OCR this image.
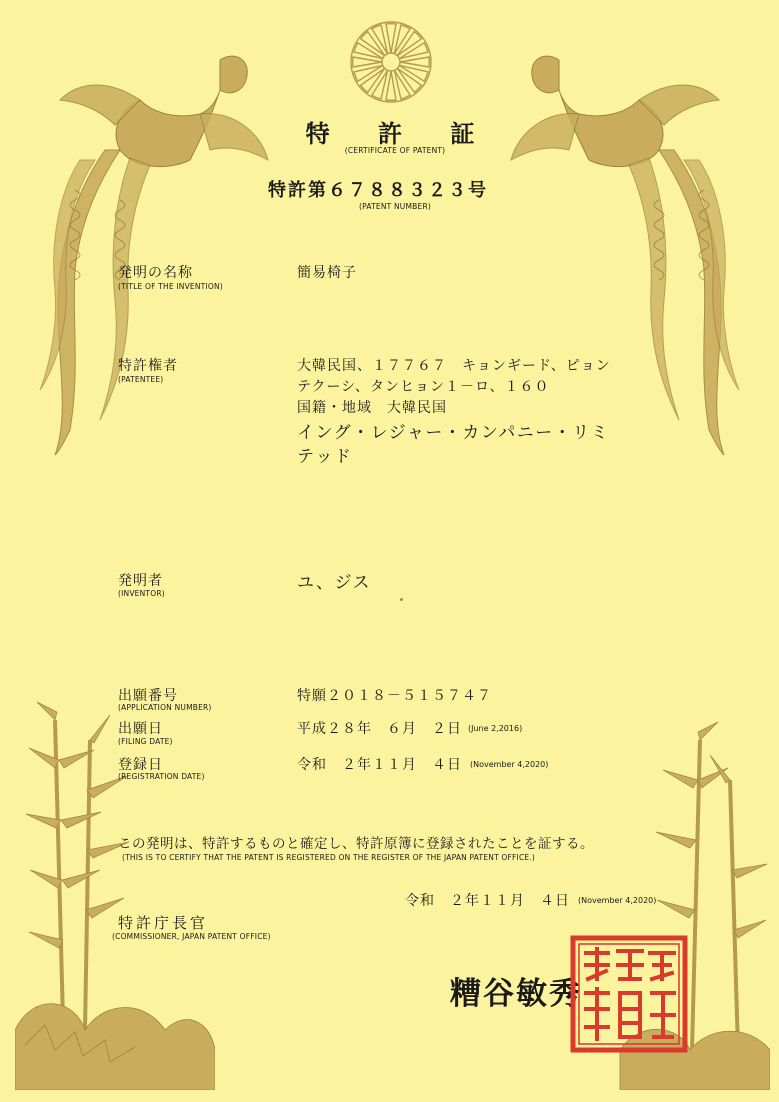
特 許 証
(CERTIFICATE OF PATENT)
特許第６７８８３２３号
(PATENT NUMBER)
発明の名称
(TITLE OF THE INVENTION)
簡易椅子
特許権者
(PATENTEE)
大韓民国、１７７６７　キョンギード、ピョン
テクーシ、タンヒョン１－ロ、１６０
国籍・地域　大韓民国
イング・レジャー・カンパニー・リミ
テッド
発明者
(INVENTOR)
ユ、ジス
出願番号
(APPLICATION NUMBER)
特願２０１８－５１５７４７
出願日
(FILING DATE)
平成２８年　６月　２日 (June 2,2016)
登録日
(REGISTRATION DATE)
令和　２年１１月　４日 (November 4,2020)
この発明は、特許するものと確定し、特許原簿に登録されたことを証する。
(THIS IS TO CERTIFY THAT THE PATENT IS REGISTERED ON THE REGISTER OF THE JAPAN PATENT OFFICE.)
令和　２年１１月　４日 (November 4,2020)
特許庁長官
(COMMISSIONER, JAPAN PATENT OFFICE)
糟谷敏秀
